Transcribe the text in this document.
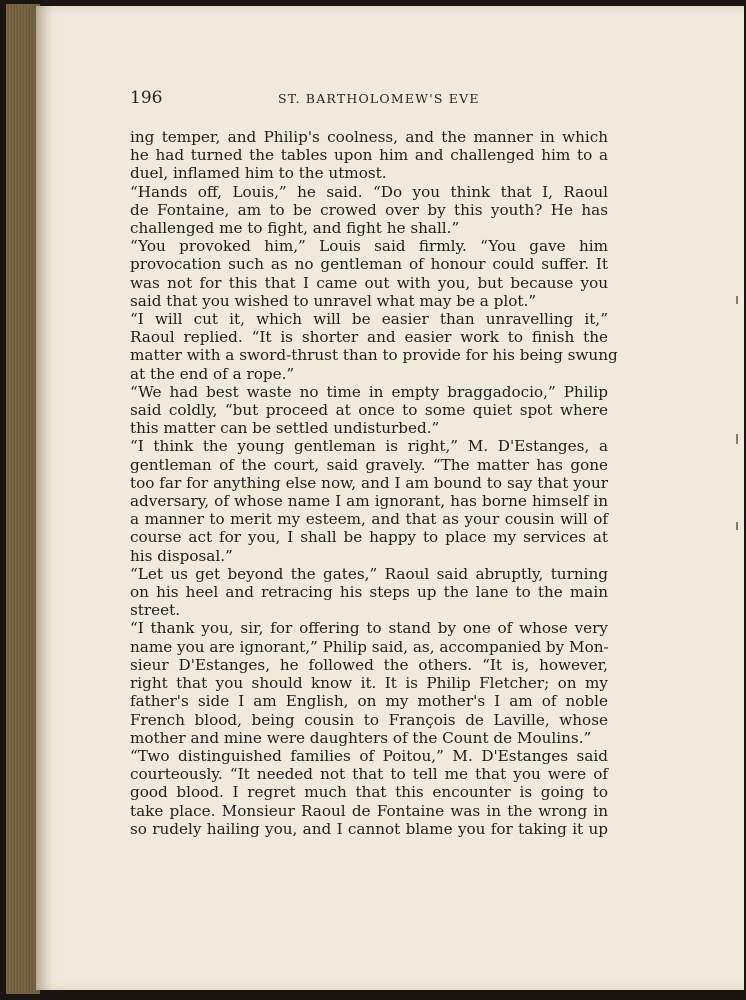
196	ST. BARTHOLOMEW'S EVE
ing temper, and Philip's coolness, and the manner in which
he had turned the tables upon him and challenged him to a
duel, inflamed him to the utmost.
“Hands off, Louis,” he said. “Do you think that I, Raoul
de Fontaine, am to be crowed over by this youth? He has
challenged me to fight, and fight he shall.”
“You provoked him,” Louis said firmly. “You gave him
provocation such as no gentleman of honour could suffer. It
was not for this that I came out with you, but because you
said that you wished to unravel what may be a plot.”
“I will cut it, which will be easier than unravelling it,”
Raoul replied. “It is shorter and easier work to finish the
matter with a sword-thrust than to provide for his being swung
at the end of a rope.”
“We had best waste no time in empty braggadocio,” Philip
said coldly, “but proceed at once to some quiet spot where
this matter can be settled undisturbed.”
“I think the young gentleman is right,” M. D'Estanges, a
gentleman of the court, said gravely. “The matter has gone
too far for anything else now, and I am bound to say that your
adversary, of whose name I am ignorant, has borne himself in
a manner to merit my esteem, and that as your cousin will of
course act for you, I shall be happy to place my services at
his disposal.”
“Let us get beyond the gates,” Raoul said abruptly, turning
on his heel and retracing his steps up the lane to the main
street.
“I thank you, sir, for offering to stand by one of whose very
name you are ignorant,” Philip said, as, accompanied by Mon-
sieur D'Estanges, he followed the others. “It is, however,
right that you should know it. It is Philip Fletcher; on my
father's side I am English, on my mother's I am of noble
French blood, being cousin to François de Laville, whose
mother and mine were daughters of the Count de Moulins.”
“Two distinguished families of Poitou,” M. D'Estanges said
courteously. “It needed not that to tell me that you were of
good blood. I regret much that this encounter is going to
take place. Monsieur Raoul de Fontaine was in the wrong in
so rudely hailing you, and I cannot blame you for taking it up
